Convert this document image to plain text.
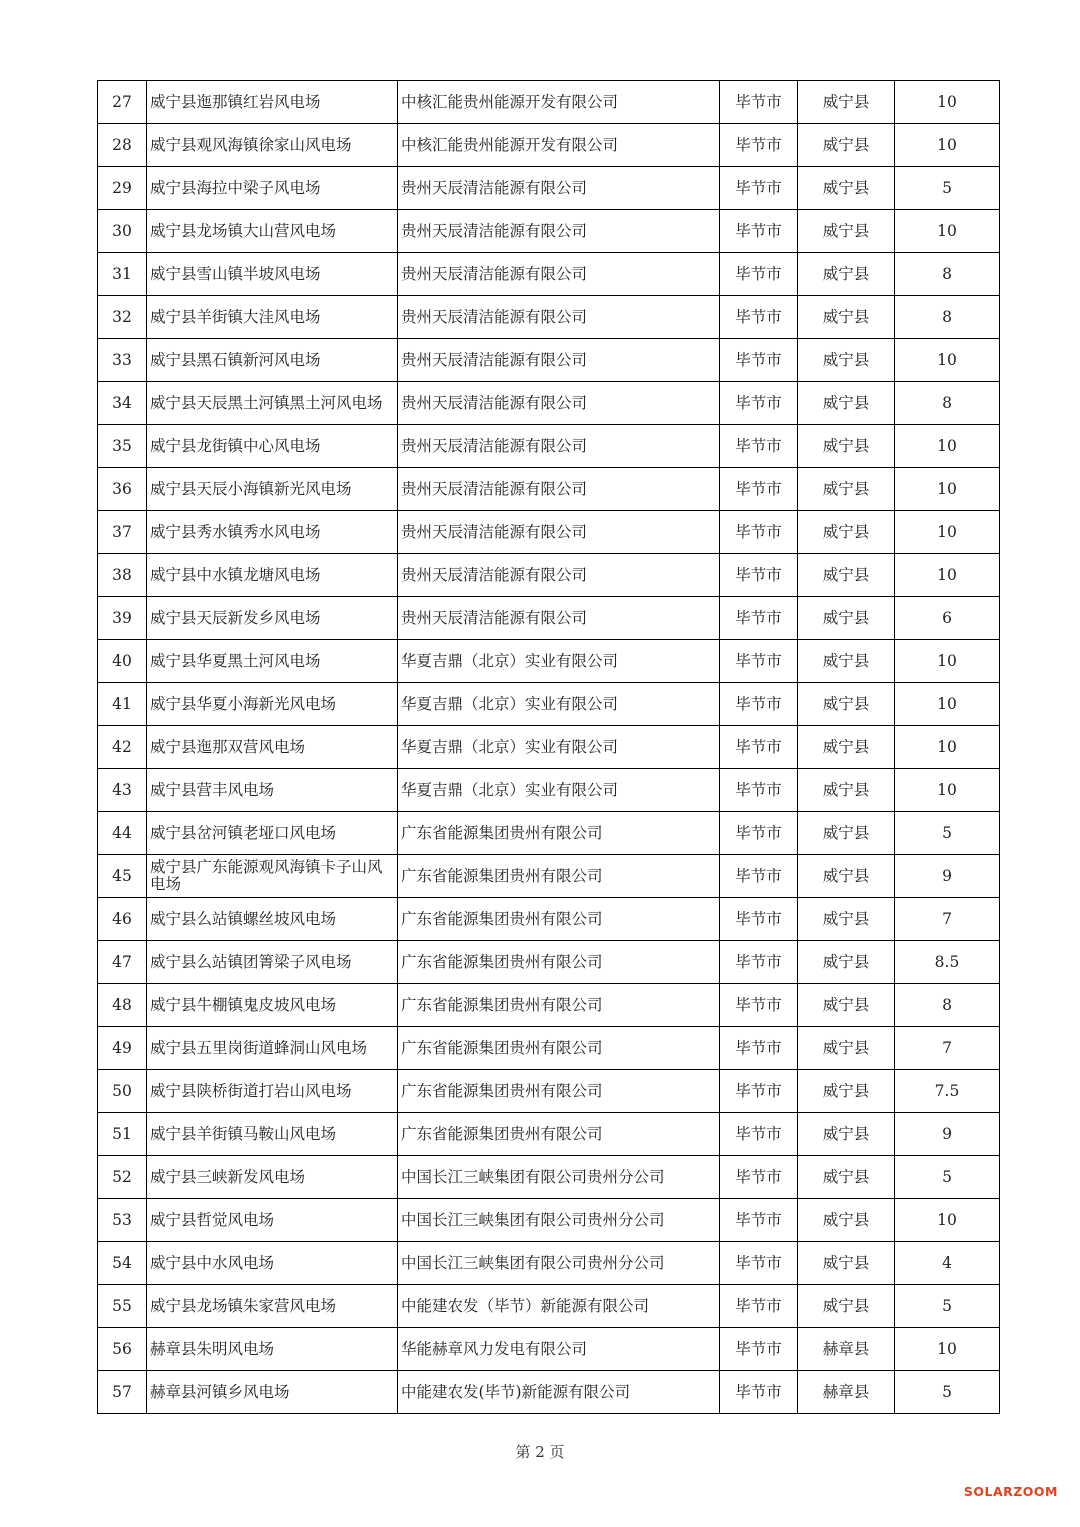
27	威宁县迤那镇红岩风电场	中核汇能贵州能源开发有限公司	毕节市	威宁县	10
28	威宁县观风海镇徐家山风电场	中核汇能贵州能源开发有限公司	毕节市	威宁县	10
29	威宁县海拉中梁子风电场	贵州天辰清洁能源有限公司	毕节市	威宁县	5
30	威宁县龙场镇大山营风电场	贵州天辰清洁能源有限公司	毕节市	威宁县	10
31	威宁县雪山镇半坡风电场	贵州天辰清洁能源有限公司	毕节市	威宁县	8
32	威宁县羊街镇大洼风电场	贵州天辰清洁能源有限公司	毕节市	威宁县	8
33	威宁县黑石镇新河风电场	贵州天辰清洁能源有限公司	毕节市	威宁县	10
34	威宁县天辰黑土河镇黑土河风电场	贵州天辰清洁能源有限公司	毕节市	威宁县	8
35	威宁县龙街镇中心风电场	贵州天辰清洁能源有限公司	毕节市	威宁县	10
36	威宁县天辰小海镇新光风电场	贵州天辰清洁能源有限公司	毕节市	威宁县	10
37	威宁县秀水镇秀水风电场	贵州天辰清洁能源有限公司	毕节市	威宁县	10
38	威宁县中水镇龙塘风电场	贵州天辰清洁能源有限公司	毕节市	威宁县	10
39	威宁县天辰新发乡风电场	贵州天辰清洁能源有限公司	毕节市	威宁县	6
40	威宁县华夏黑土河风电场	华夏吉鼎（北京）实业有限公司	毕节市	威宁县	10
41	威宁县华夏小海新光风电场	华夏吉鼎（北京）实业有限公司	毕节市	威宁县	10
42	威宁县迤那双营风电场	华夏吉鼎（北京）实业有限公司	毕节市	威宁县	10
43	威宁县营丰风电场	华夏吉鼎（北京）实业有限公司	毕节市	威宁县	10
44	威宁县岔河镇老垭口风电场	广东省能源集团贵州有限公司	毕节市	威宁县	5
45	威宁县广东能源观风海镇卡子山风电场	广东省能源集团贵州有限公司	毕节市	威宁县	9
46	威宁县么站镇螺丝坡风电场	广东省能源集团贵州有限公司	毕节市	威宁县	7
47	威宁县么站镇团箐梁子风电场	广东省能源集团贵州有限公司	毕节市	威宁县	8.5
48	威宁县牛棚镇鬼皮坡风电场	广东省能源集团贵州有限公司	毕节市	威宁县	8
49	威宁县五里岗街道蜂洞山风电场	广东省能源集团贵州有限公司	毕节市	威宁县	7
50	威宁县陕桥街道打岩山风电场	广东省能源集团贵州有限公司	毕节市	威宁县	7.5
51	威宁县羊街镇马鞍山风电场	广东省能源集团贵州有限公司	毕节市	威宁县	9
52	威宁县三峡新发风电场	中国长江三峡集团有限公司贵州分公司	毕节市	威宁县	5
53	威宁县哲觉风电场	中国长江三峡集团有限公司贵州分公司	毕节市	威宁县	10
54	威宁县中水风电场	中国长江三峡集团有限公司贵州分公司	毕节市	威宁县	4
55	威宁县龙场镇朱家营风电场	中能建农发（毕节）新能源有限公司	毕节市	威宁县	5
56	赫章县朱明风电场	华能赫章风力发电有限公司	毕节市	赫章县	10
57	赫章县河镇乡风电场	中能建农发(毕节)新能源有限公司	毕节市	赫章县	5
第 2 页
SOLARZOOM
